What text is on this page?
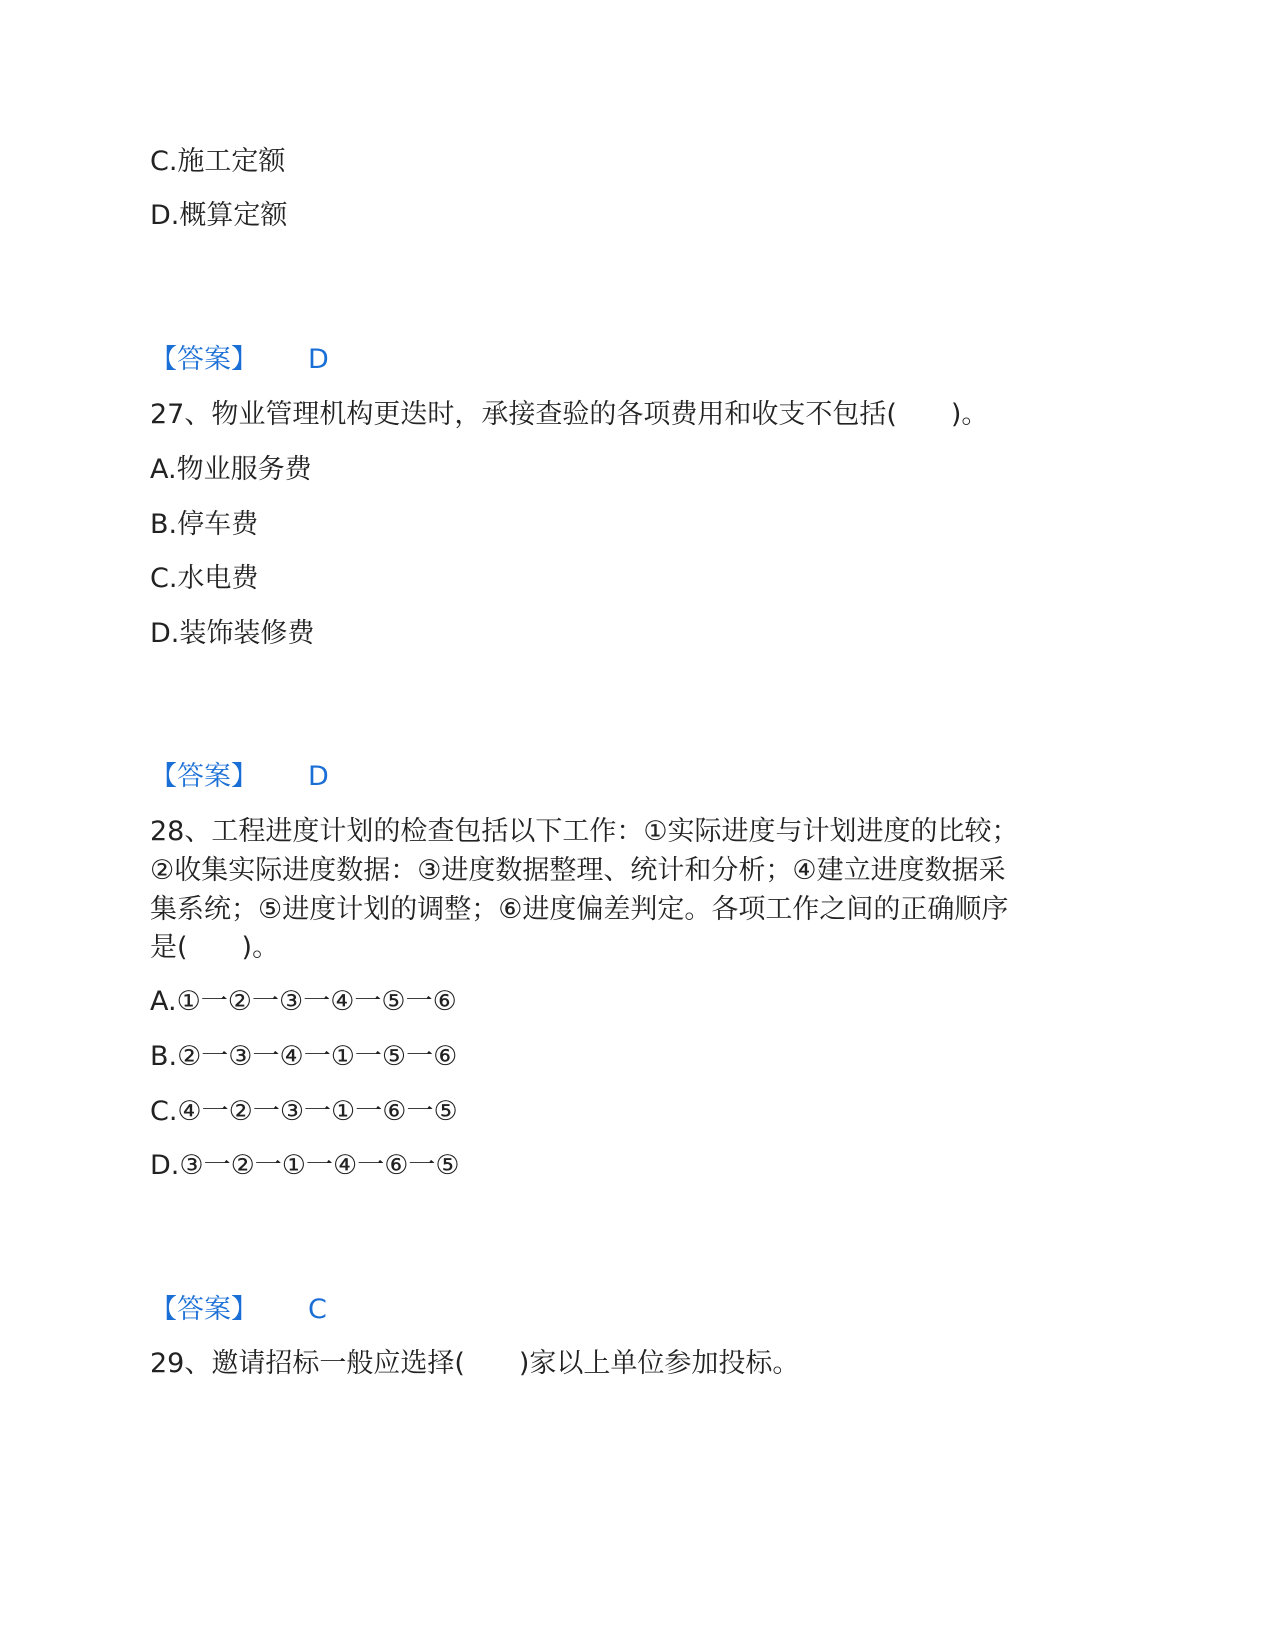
C.施工定额
D.概算定额
【答案】 D
27、物业管理机构更迭时，承接查验的各项费用和收支不包括(　　)。
A.物业服务费
B.停车费
C.水电费
D.装饰装修费
【答案】 D
28、工程进度计划的检查包括以下工作：①实际进度与计划进度的比较；
②收集实际进度数据：③进度数据整理、统计和分析；④建立进度数据采
集系统；⑤进度计划的调整；⑥进度偏差判定。各项工作之间的正确顺序
是(　　)。
A.①一②一③一④一⑤一⑥
B.②一③一④一①一⑤一⑥
C.④一②一③一①一⑥一⑤
D.③一②一①一④一⑥一⑤
【答案】 C
29、邀请招标一般应选择(　　)家以上单位参加投标。
